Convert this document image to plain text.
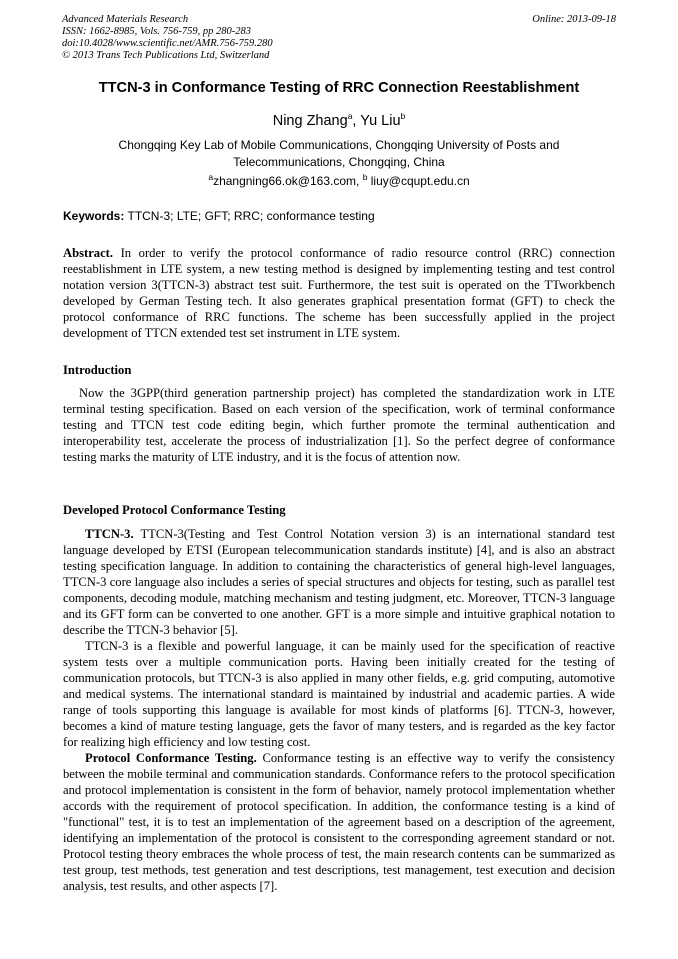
Advanced Materials Research
ISSN: 1662-8985, Vols. 756-759, pp 280-283
doi:10.4028/www.scientific.net/AMR.756-759.280
© 2013 Trans Tech Publications Ltd, Switzerland
Online: 2013-09-18
TTCN-3 in Conformance Testing of RRC Connection Reestablishment
Ning Zhang$^a$, Yu Liu$^b$
Chongqing Key Lab of Mobile Communications, Chongqing University of Posts and Telecommunications, Chongqing, China
$^a$zhangning66.ok@163.com, $^b$ liuy@cqupt.edu.cn
Keywords: TTCN-3; LTE; GFT; RRC; conformance testing
Abstract. In order to verify the protocol conformance of radio resource control (RRC) connection reestablishment in LTE system, a new testing method is designed by implementing testing and test control notation version 3(TTCN-3) abstract test suit. Furthermore, the test suit is operated on the TTworkbench developed by German Testing tech. It also generates graphical presentation format (GFT) to check the protocol conformance of RRC functions. The scheme has been successfully applied in the project development of TTCN extended test set instrument in LTE system.
Introduction
Now the 3GPP(third generation partnership project) has completed the standardization work in LTE terminal testing specification. Based on each version of the specification, work of terminal conformance testing and TTCN test code editing begin, which further promote the terminal authentication and interoperability test, accelerate the process of industrialization [1]. So the perfect degree of conformance testing marks the maturity of LTE industry, and it is the focus of attention now.
Developed Protocol Conformance Testing

TTCN-3. TTCN-3(Testing and Test Control Notation version 3) is an international standard test language developed by ETSI (European telecommunication standards institute) [4], and is also an abstract testing specification language. In addition to containing the characteristics of general high-level languages, TTCN-3 core language also includes a series of special structures and objects for testing, such as parallel test components, decoding module, matching mechanism and testing judgment, etc. Moreover, TTCN-3 language and its GFT form can be converted to one another. GFT is a more simple and intuitive graphical notation to describe the TTCN-3 behavior [5].

TTCN-3 is a flexible and powerful language, it can be mainly used for the specification of reactive system tests over a multiple communication ports. Having been initially created for the testing of communication protocols, but TTCN-3 is also applied in many other fields, e.g. grid computing, automotive and medical systems. The international standard is maintained by industrial and academic parties. A wide range of tools supporting this language is available for most kinds of platforms [6]. TTCN-3, however, becomes a kind of mature testing language, gets the favor of many testers, and is regarded as the key factor for realizing high efficiency and low testing cost.

Protocol Conformance Testing. Conformance testing is an effective way to verify the consistency between the mobile terminal and communication standards. Conformance refers to the protocol specification and protocol implementation is consistent in the form of behavior, namely protocol implementation whether accords with the requirement of protocol specification. In addition, the conformance testing is a kind of "functional" test, it is to test an implementation of the agreement based on a description of the agreement, identifying an implementation of the protocol is consistent to the corresponding agreement standard or not. Protocol testing theory embraces the whole process of test, the main research contents can be summarized as test group, test methods, test generation and test descriptions, test management, test execution and decision analysis, test results, and other aspects [7].
